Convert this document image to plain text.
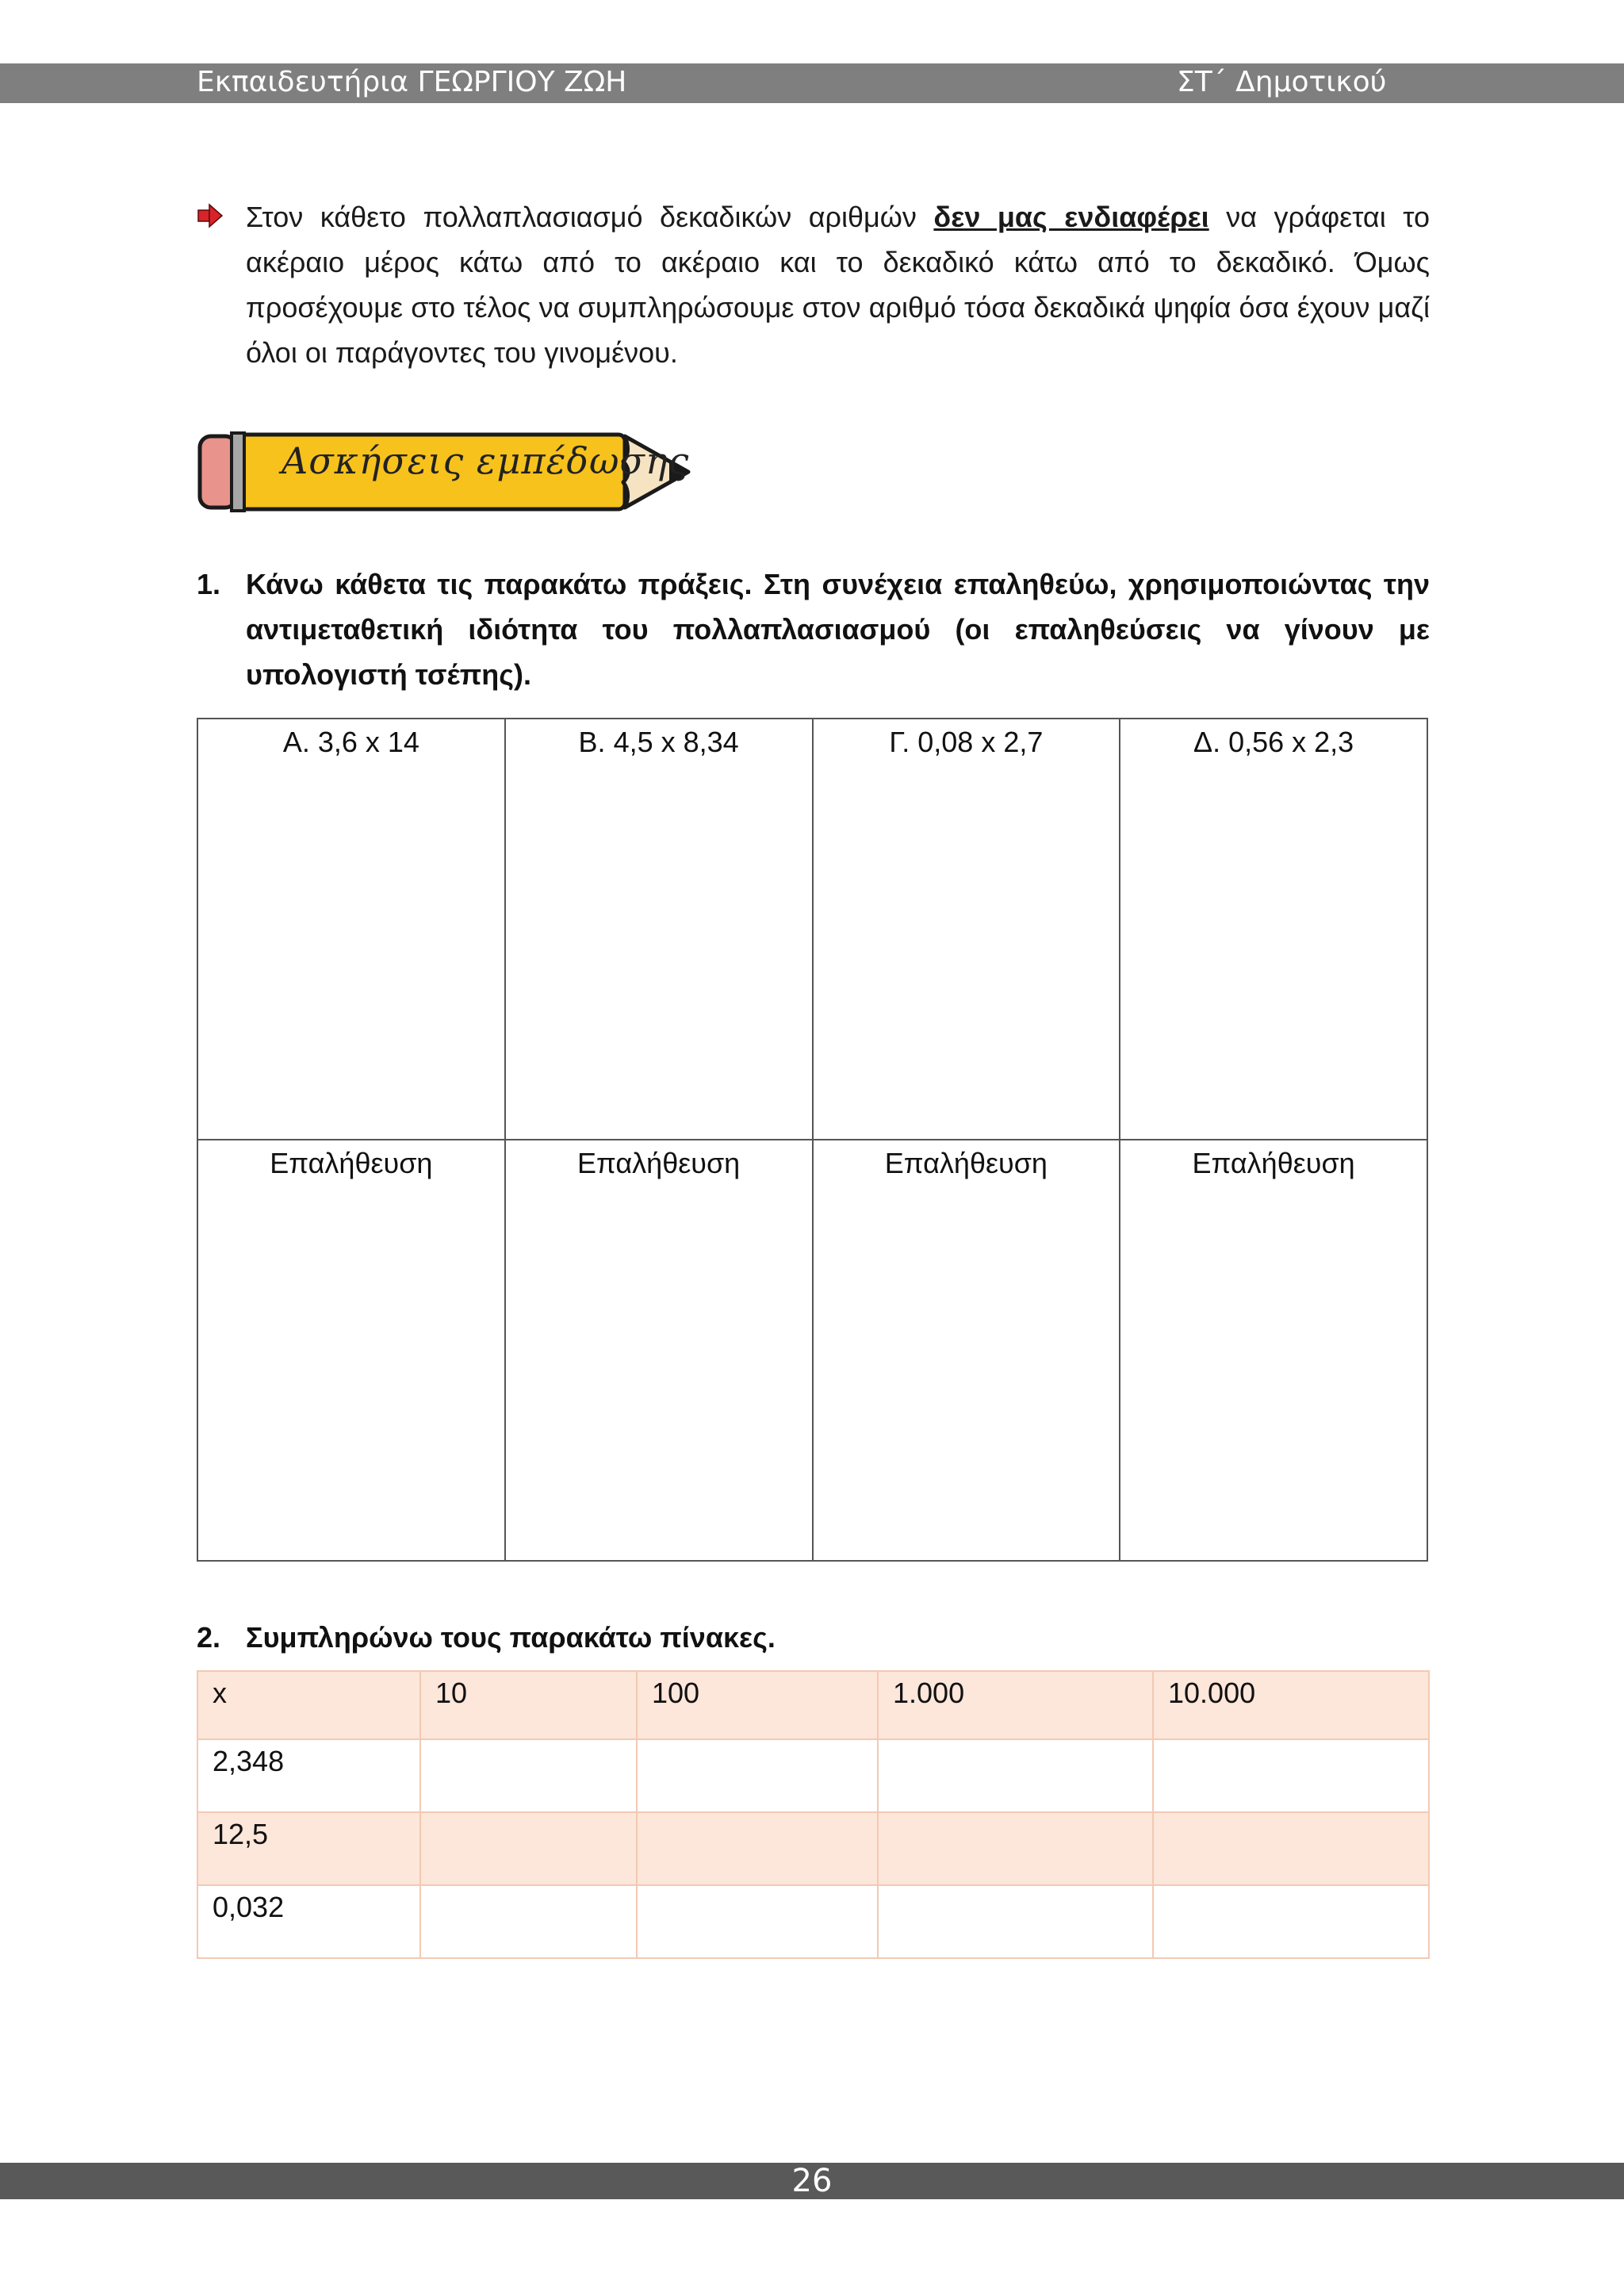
Εκπαιδευτήρια ΓΕΩΡΓΙΟΥ ΖΩΗ	ΣΤ΄ Δημοτικού
Στον κάθετο πολλαπλασιασμό δεκαδικών αριθμών δεν μας ενδιαφέρει να γράφεται το ακέραιο μέρος κάτω από το ακέραιο και το δεκαδικό κάτω από το δεκαδικό. Όμως προσέχουμε στο τέλος να συμπληρώσουμε στον αριθμό τόσα δεκαδικά ψηφία όσα έχουν μαζί όλοι οι παράγοντες του γινομένου.
Ασκήσεις εμπέδωσης
1. Κάνω κάθετα τις παρακάτω πράξεις. Στη συνέχεια επαληθεύω, χρησιμοποιώντας την αντιμεταθετική ιδιότητα του πολλαπλασιασμού (οι επαληθεύσεις να γίνουν με υπολογιστή τσέπης).
Α. 3,6 x 14	Β. 4,5 x 8,34	Γ. 0,08 x 2,7	Δ. 0,56 x 2,3
Επαλήθευση	Επαλήθευση	Επαλήθευση	Επαλήθευση
2. Συμπληρώνω τους παρακάτω πίνακες.
x	10	100	1.000	10.000
2,348				
12,5				
0,032				
26
